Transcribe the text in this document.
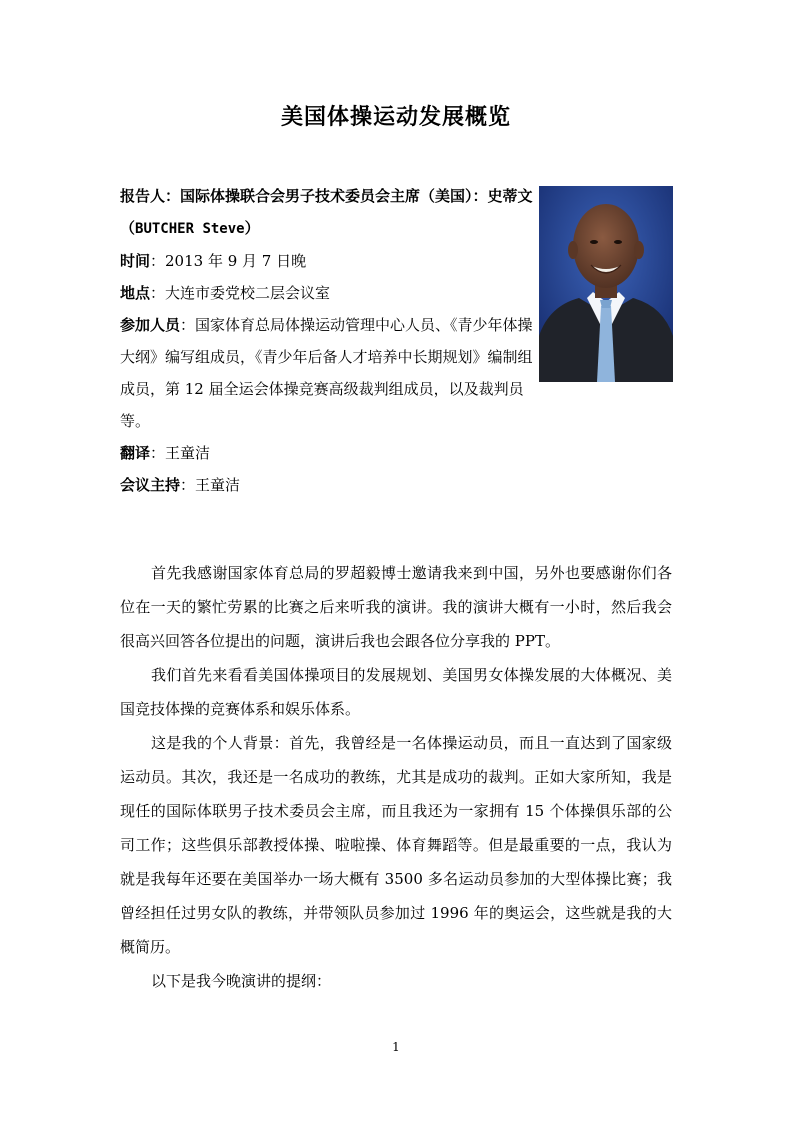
美国体操运动发展概览

报告人：国际体操联合会男子技术委员会主席（美国）：史蒂文（BUTCHER Steve）

时间：2013 年 9 月 7 日晚

地点：大连市委党校二层会议室

参加人员：国家体育总局体操运动管理中心人员、《青少年体操大纲》编写组成员，《青少年后备人才培养中长期规划》编制组成员，第 12 届全运会体操竞赛高级裁判组成员，以及裁判员等。

翻译：王童洁

会议主持：王童洁

首先我感谢国家体育总局的罗超毅博士邀请我来到中国，另外也要感谢你们各位在一天的繁忙劳累的比赛之后来听我的演讲。我的演讲大概有一小时，然后我会很高兴回答各位提出的问题，演讲后我也会跟各位分享我的 PPT。

我们首先来看看美国体操项目的发展规划、美国男女体操发展的大体概况、美国竞技体操的竞赛体系和娱乐体系。

这是我的个人背景：首先，我曾经是一名体操运动员，而且一直达到了国家级运动员。其次，我还是一名成功的教练，尤其是成功的裁判。正如大家所知，我是现任的国际体联男子技术委员会主席，而且我还为一家拥有 15 个体操俱乐部的公司工作；这些俱乐部教授体操、啦啦操、体育舞蹈等。但是最重要的一点，我认为就是我每年还要在美国举办一场大概有 3500 多名运动员参加的大型体操比赛；我曾经担任过男女队的教练，并带领队员参加过 1996 年的奥运会，这些就是我的大概简历。

以下是我今晚演讲的提纲：

1
